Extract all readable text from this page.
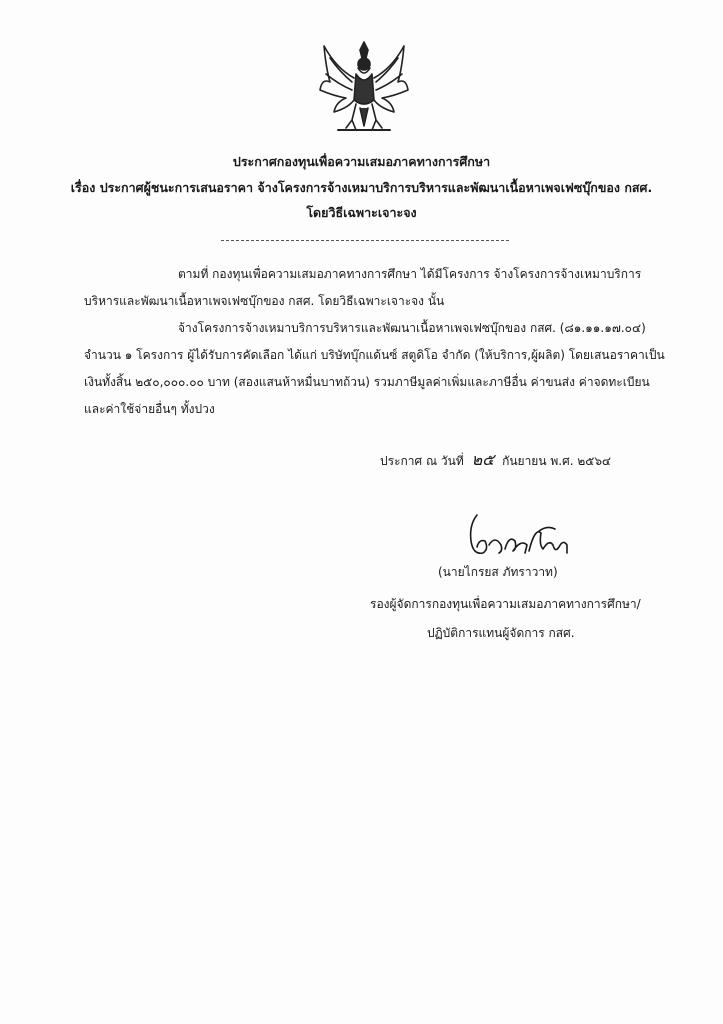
ประกาศกองทุนเพื่อความเสมอภาคทางการศึกษา
เรื่อง ประกาศผู้ชนะการเสนอราคา จ้างโครงการจ้างเหมาบริการบริหารและพัฒนาเนื้อหาเพจเฟซบุ๊กของ กสศ.
โดยวิธีเฉพาะเจาะจง
ตามที่ กองทุนเพื่อความเสมอภาคทางการศึกษา ได้มีโครงการ จ้างโครงการจ้างเหมาบริการ
บริหารและพัฒนาเนื้อหาเพจเฟซบุ๊กของ กสศ. โดยวิธีเฉพาะเจาะจง นั้น
จ้างโครงการจ้างเหมาบริการบริหารและพัฒนาเนื้อหาเพจเฟซบุ๊กของ กสศ. (๘๑.๑๑.๑๗.๐๔)
จำนวน ๑ โครงการ ผู้ได้รับการคัดเลือก ได้แก่ บริษัทบุ๊กแด้นซ์ สตูดิโอ จำกัด (ให้บริการ,ผู้ผลิต) โดยเสนอราคาเป็น
เงินทั้งสิ้น ๒๕๐,๐๐๐.๐๐ บาท (สองแสนห้าหมื่นบาทถ้วน) รวมภาษีมูลค่าเพิ่มและภาษีอื่น ค่าขนส่ง ค่าจดทะเบียน
และค่าใช้จ่ายอื่นๆ ทั้งปวง
ประกาศ ณ วันที่ ๒๕ กันยายน พ.ศ. ๒๕๖๔
(นายไกรยส ภัทราวาท)
รองผู้จัดการกองทุนเพื่อความเสมอภาคทางการศึกษา/
ปฏิบัติการแทนผู้จัดการ กสศ.
